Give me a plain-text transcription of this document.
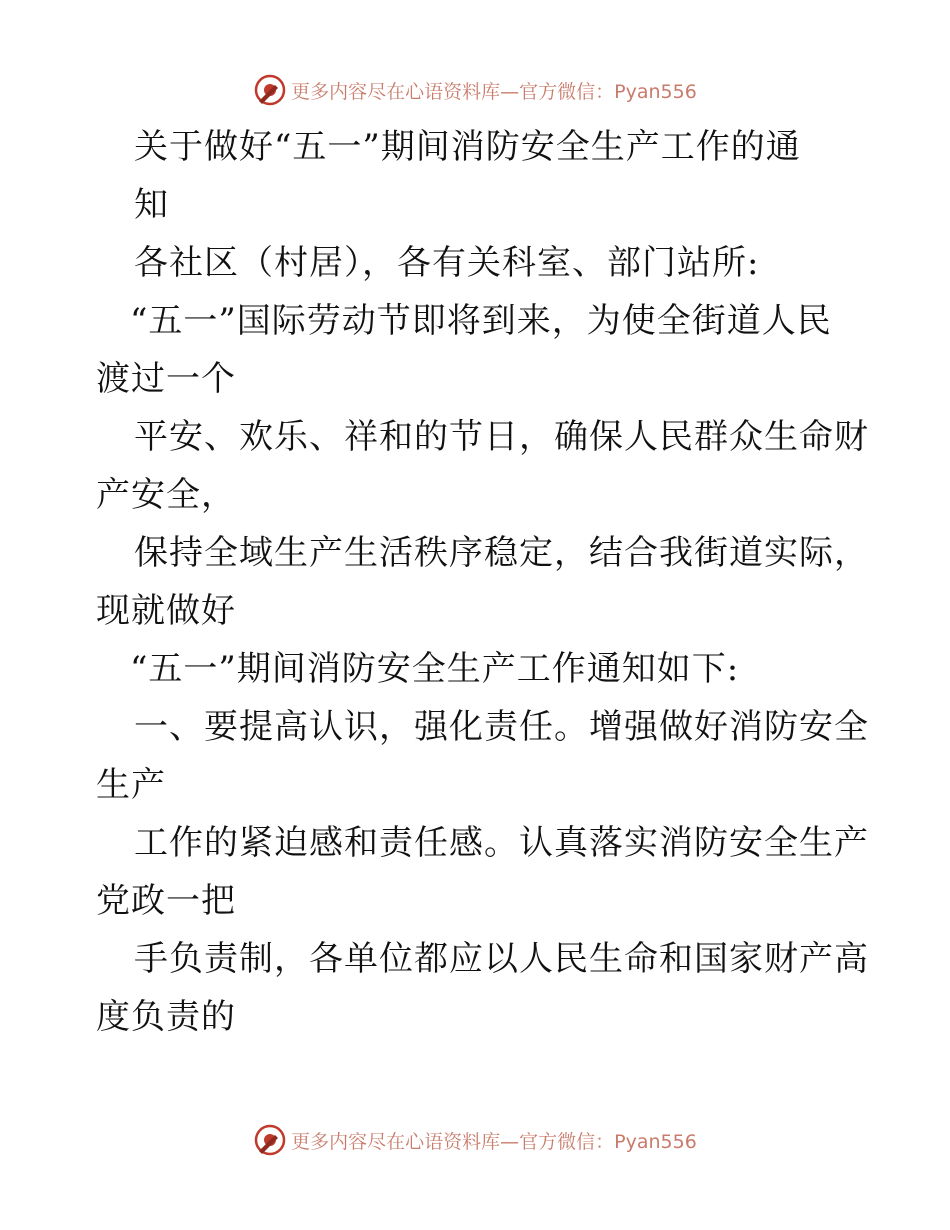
更多内容尽在心语资料库—官方微信：Pyan556
关于做好“五一”期间消防安全生产工作的通
知
各社区（村居），各有关科室、部门站所:
“五一”国际劳动节即将到来，为使全街道人民
渡过一个
平安、欢乐、祥和的节日，确保人民群众生命财
产安全，
保持全域生产生活秩序稳定，结合我街道实际，
现就做好
“五一”期间消防安全生产工作通知如下:
一、要提高认识，强化责任。增强做好消防安全
生产
工作的紧迫感和责任感。认真落实消防安全生产
党政一把
手负责制，各单位都应以人民生命和国家财产高
度负责的
更多内容尽在心语资料库—官方微信：Pyan556
